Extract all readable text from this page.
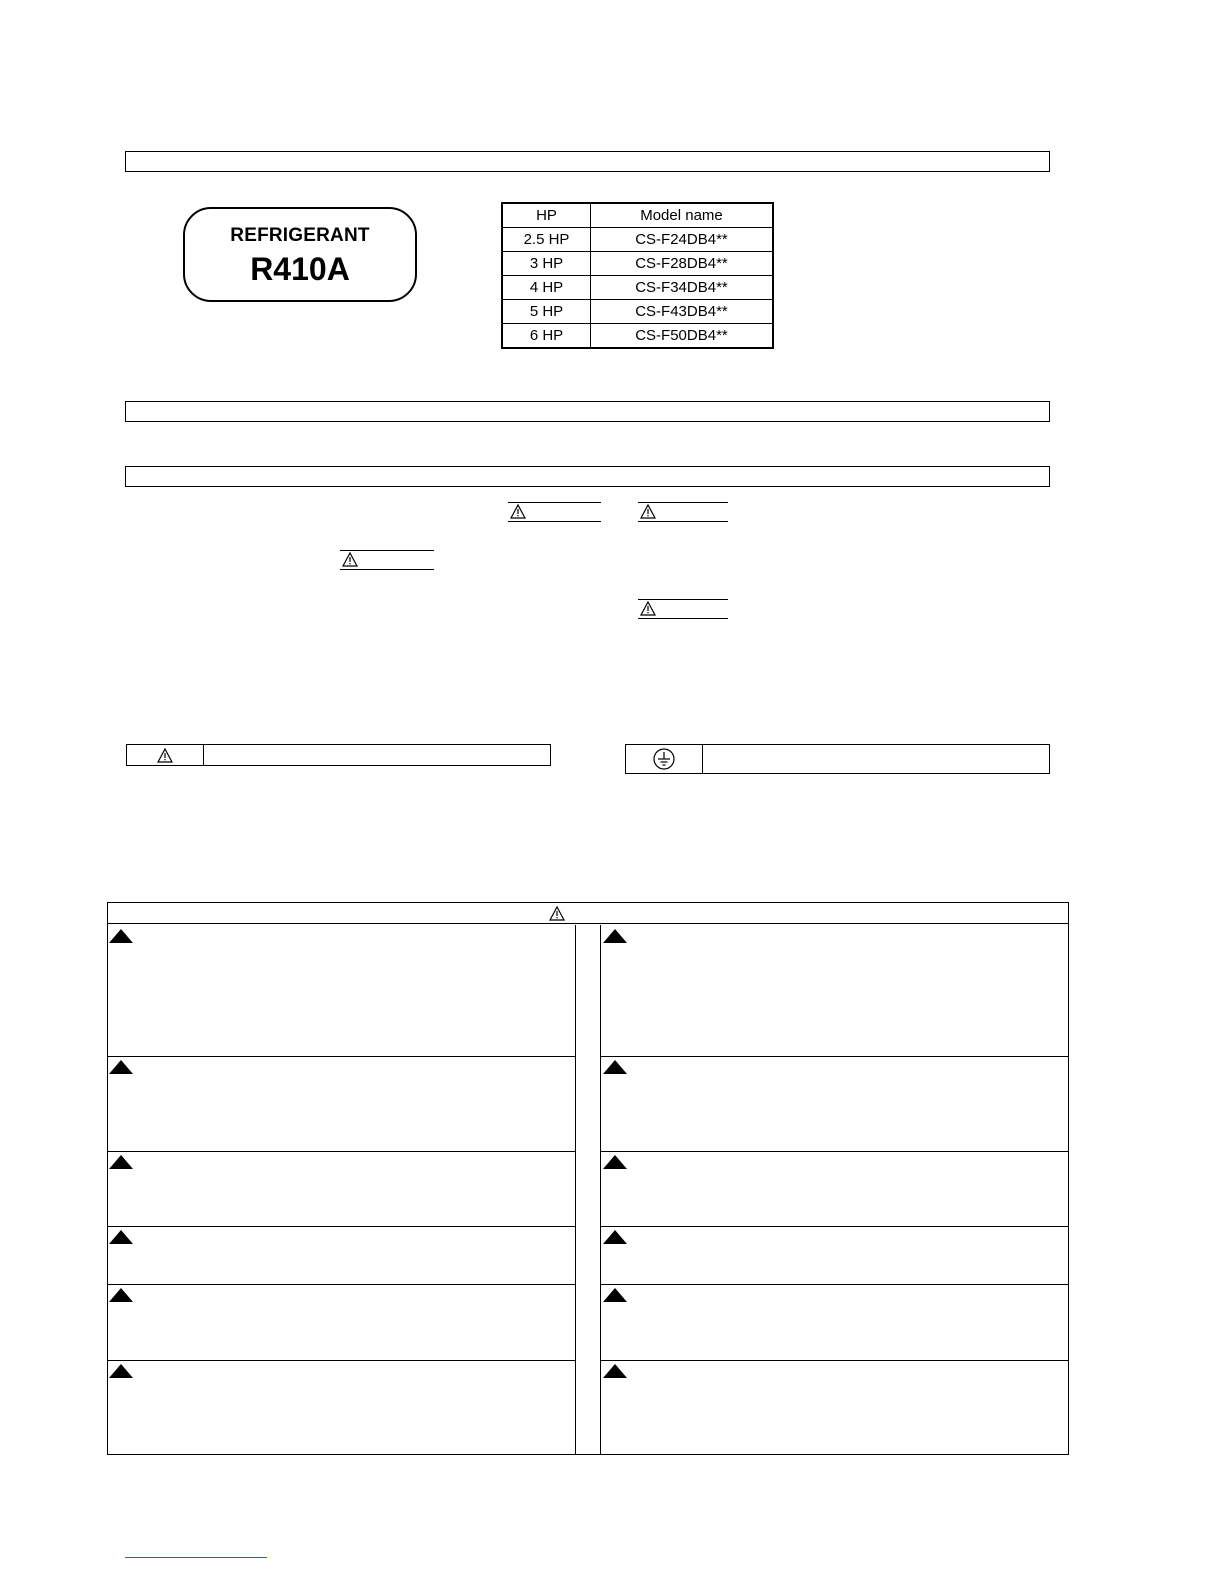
REFRIGERANT
R410A
HP	Model name
2.5 HP	CS-F24DB4**
3 HP	CS-F28DB4**
4 HP	CS-F34DB4**
5 HP	CS-F43DB4**
6 HP	CS-F50DB4**
